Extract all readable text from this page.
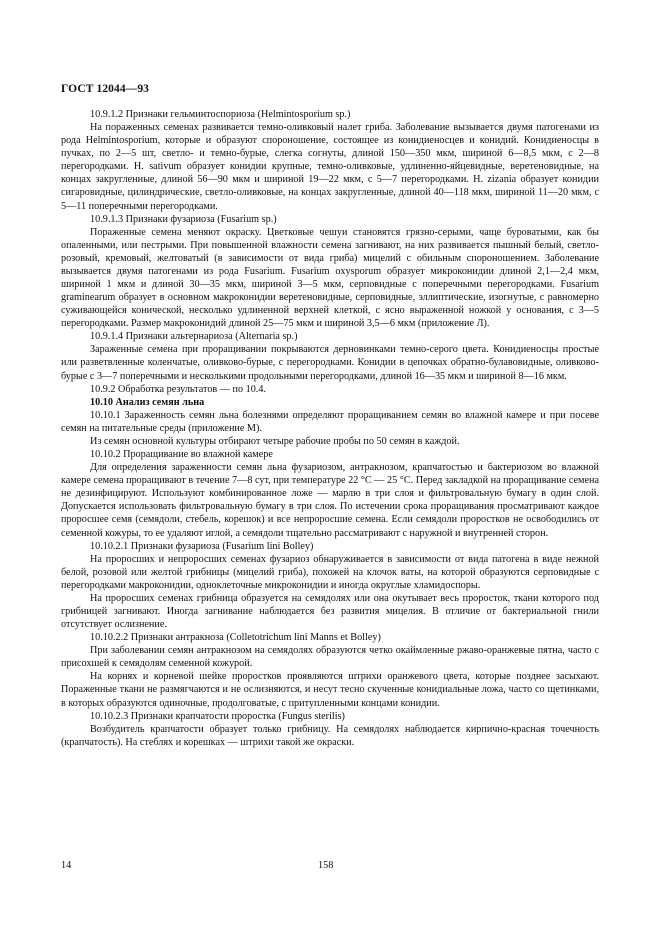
ГОСТ 12044—93

10.9.1.2 Признаки гельминтоспориоза (Helmintosporium sp.)

На пораженных семенах развивается темно-оливковый налет гриба. Заболевание вызывается двумя патогенами из рода Helmintosporium, которые и образуют спороношение, состоящее из конидиеносцев и конидий. Конидиеносцы в пучках, по 2—5 шт, светло- и темно-бурые, слегка согнуты, длиной 150—350 мкм, шириной 6—8,5 мкм, с 2—8 перегородками. H. sativum образует конидии крупные, темно-оливковые, удлиненно-яйцевидные, веретеновидные, на концах закругленные, длиной 56—90 мкм и шириной 19—22 мкм, с 5—7 перегородками. H. zizania образует конидии сигаровидные, цилиндрические, светло-оливковые, на концах закругленные, длиной 40—118 мкм, шириной 11—20 мкм, с 5—11 поперечными перегородками.

10.9.1.3 Признаки фузариоза (Fusarium sp.)

Пораженные семена меняют окраску. Цветковые чешуи становятся грязно-серыми, чаще буроватыми, как бы опаленными, или пестрыми. При повышенной влажности семена загнивают, на них развивается пышный белый, светло-розовый, кремовый, желтоватый (в зависимости от вида гриба) мицелий с обильным спороношением. Заболевание вызывается двумя патогенами из рода Fusarium. Fusarium oxysporum образует микроконидии длиной 2,1—2,4 мкм, шириной 1 мкм и длиной 30—35 мкм, шириной 3—5 мкм, серповидные с поперечными перегородками. Fusarium graminearum образует в основном макроконидии веретеновидные, серповидные, эллиптические, изогнутые, с равномерно суживающейся конической, несколько удлиненной верхней клеткой, с ясно выраженной ножкой у основания, с 3—5 перегородками. Размер макроконидий длиной 25—75 мкм и шириной 3,5—6 мкм (приложение Л).

10.9.1.4 Признаки альтернариоза (Alternaria sp.)

Зараженные семена при проращивании покрываются дерновинками темно-серого цвета. Конидиеносцы простые или разветвленные коленчатые, оливково-бурые, с перегородками. Конидии в цепочках обратно-булавовидные, оливково-бурые с 3—7 поперечными и несколькими продольными перегородками, длиной 16—35 мкм и шириной 8—16 мкм.

10.9.2 Обработка результатов — по 10.4.

10.10 Анализ семян льна

10.10.1 Зараженность семян льна болезнями определяют проращиванием семян во влажной камере и при посеве семян на питательные среды (приложение М).

Из семян основной культуры отбирают четыре рабочие пробы по 50 семян в каждой.

10.10.2 Проращивание во влажной камере

Для определения зараженности семян льна фузариозом, антракнозом, крапчатостью и бактериозом во влажной камере семена проращивают в течение 7—8 сут, при температуре 22 °С — 25 °С. Перед закладкой на проращивание семена не дезинфицируют. Используют комбинированное ложе — марлю в три слоя и фильтровальную бумагу в один слой. Допускается использовать фильтровальную бумагу в три слоя. По истечении срока проращивания просматривают каждое проросшее семя (семядоли, стебель, корешок) и все непроросшие семена. Если семядоли проростков не освободились от семенной кожуры, то ее удаляют иглой, а семядоли тщательно рассматривают с наружной и внутренней сторон.

10.10.2.1 Признаки фузариоза (Fusarium lini Bolley)

На проросших и непроросших семенах фузариоз обнаруживается в зависимости от вида патогена в виде нежной белой, розовой или желтой грибницы (мицелий гриба), похожей на клочок ваты, на которой образуются серповидные с перегородками макроконидии, одноклеточные микроконидии и иногда округлые хламидоспоры.

На проросших семенах грибница образуется на семядолях или она окутывает весь проросток, ткани которого под грибницей загнивают. Иногда загнивание наблюдается без развития мицелия. В отличие от бактериальной гнили отсутствует ослизнение.

10.10.2.2 Признаки антракноза (Colletotrichum lini Manns et Bolley)

При заболевании семян антракнозом на семядолях образуются четко окаймленные ржаво-оранжевые пятна, часто с присохшей к семядолям семенной кожурой.

На корнях и корневой шейке проростков проявляются штрихи оранжевого цвета, которые позднее засыхают. Пораженные ткани не размягчаются и не ослизняются, и несут тесно скученные конидиальные ложа, часто со щетинками, в которых образуются одиночные, продолговатые, с притупленными концами конидии.

10.10.2.3 Признаки крапчатости проростка (Fungus sterilis)

Возбудитель крапчатости образует только грибницу. На семядолях наблюдается кирпично-красная точечность (крапчатость). На стеблях и корешках — штрихи такой же окраски.

14	158
